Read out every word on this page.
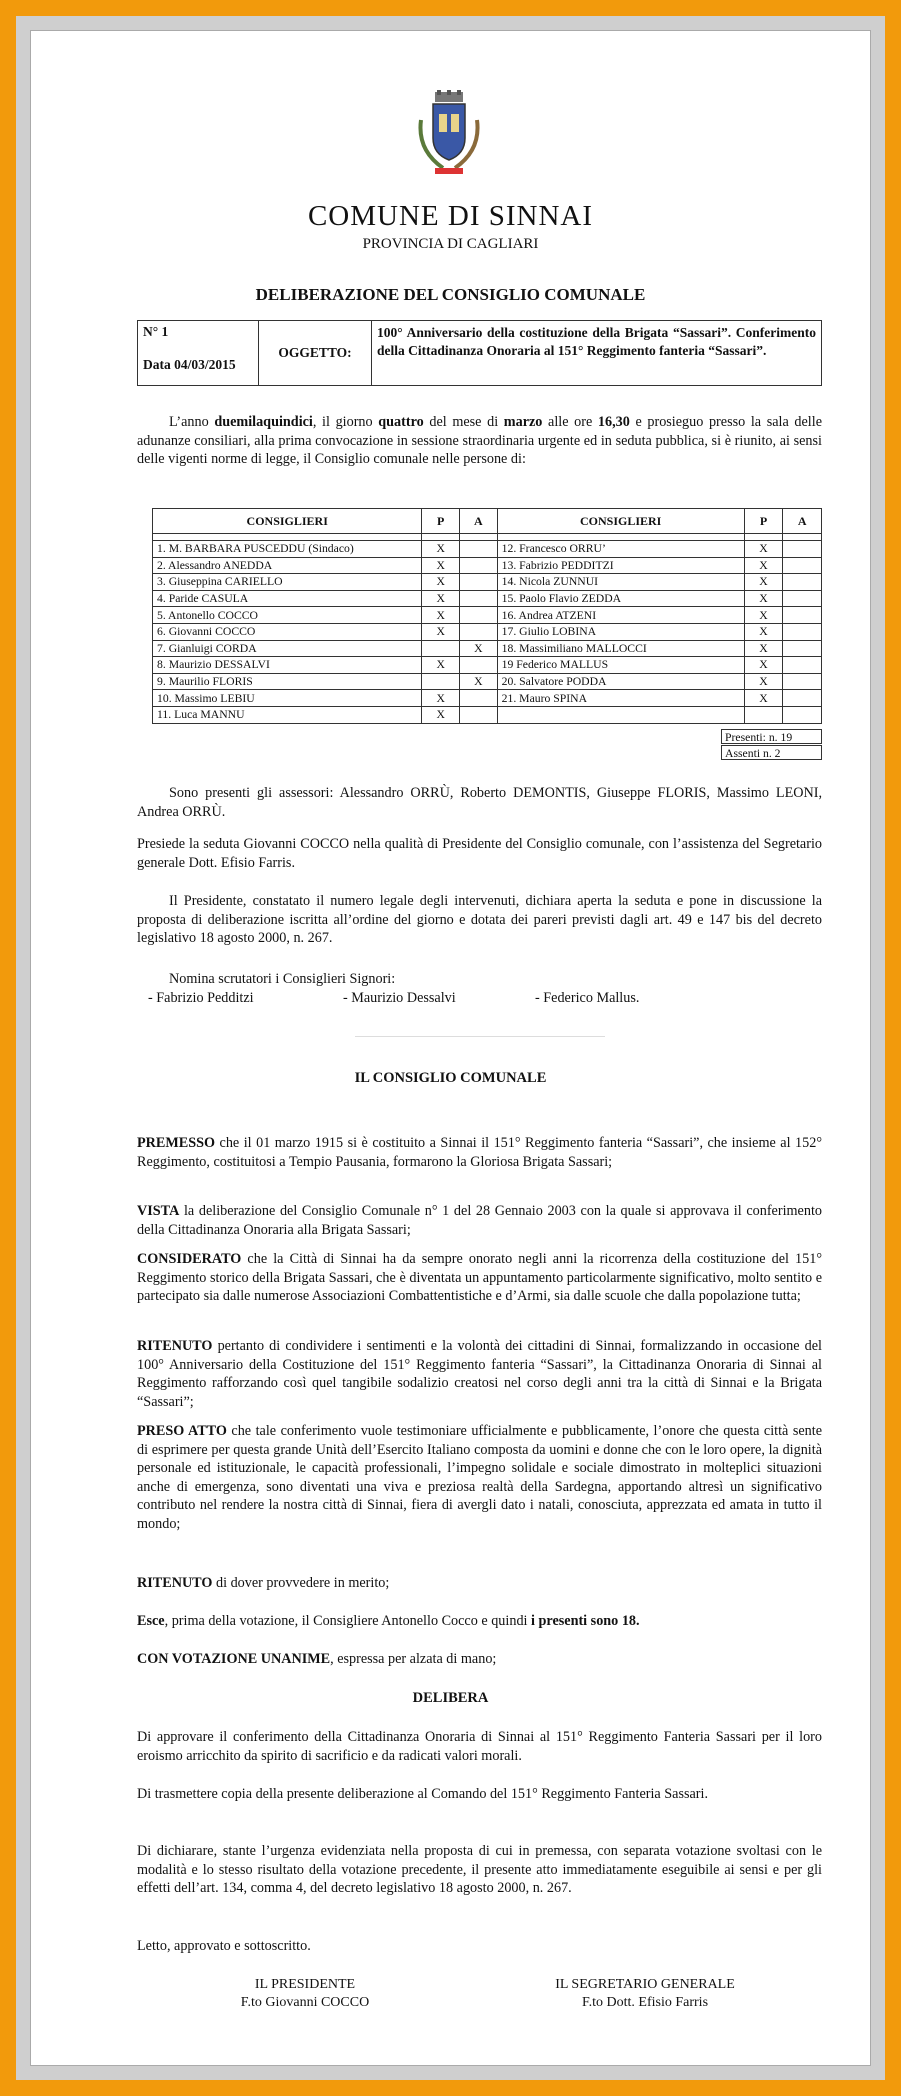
COMUNE DI SINNAI
PROVINCIA DI CAGLIARI
DELIBERAZIONE DEL CONSIGLIO COMUNALE
N° 1
Data 04/03/2015
	OGGETTO:	100° Anniversario della costituzione della Brigata “Sassari”. Conferimento della Cittadinanza Onoraria al 151° Reggimento fanteria “Sassari”.

L’anno duemilaquindici, il giorno quattro del mese di marzo alle ore 16,30 e prosieguo presso la sala delle adunanze consiliari, alla prima convocazione in sessione straordinaria urgente ed in seduta pubblica, si è riunito, ai sensi delle vigenti norme di legge, il Consiglio comunale nelle persone di:

CONSIGLIERI	P	A	CONSIGLIERI	P	A

1. M. BARBARA PUSCEDDU (Sindaco)	X		12. Francesco ORRU’	X	
2. Alessandro ANEDDA	X		13. Fabrizio PEDDITZI	X	
3. Giuseppina CARIELLO	X		14. Nicola ZUNNUI	X	
4. Paride CASULA	X		15. Paolo Flavio ZEDDA	X	
5. Antonello COCCO	X		16. Andrea ATZENI	X	
6. Giovanni COCCO	X		17. Giulio LOBINA	X	
7. Gianluigi CORDA		X	18. Massimiliano MALLOCCI	X	
8. Maurizio DESSALVI	X		19 Federico MALLUS	X	
9. Maurilio FLORIS		X	20. Salvatore PODDA	X	
10. Massimo LEBIU	X		21. Mauro SPINA	X	
11. Luca MANNU	X				
Presenti: n. 19
Assenti n. 2

Sono presenti gli assessori: Alessandro ORRÙ, Roberto DEMONTIS, Giuseppe FLORIS, Massimo LEONI, Andrea ORRÙ.

Presiede la seduta Giovanni COCCO nella qualità di Presidente del Consiglio comunale, con l’assistenza del Segretario generale Dott. Efisio Farris.

Il Presidente, constatato il numero legale degli intervenuti, dichiara aperta la seduta e pone in discussione la proposta di deliberazione iscritta all’ordine del giorno e dotata dei pareri previsti dagli art. 49 e 147 bis del decreto legislativo 18 agosto 2000, n. 267.

Nomina scrutatori i Consiglieri Signori:
- Fabrizio Pedditzi	- Maurizio Dessalvi	- Federico Mallus.
IL CONSIGLIO COMUNALE

PREMESSO che il 01 marzo 1915 si è costituito a Sinnai il 151° Reggimento fanteria “Sassari”, che insieme al 152° Reggimento, costituitosi a Tempio Pausania, formarono la Gloriosa Brigata Sassari;

VISTA la deliberazione del Consiglio Comunale n° 1 del 28 Gennaio 2003 con la quale si approvava il conferimento della Cittadinanza Onoraria alla Brigata Sassari;

CONSIDERATO che la Città di Sinnai ha da sempre onorato negli anni la ricorrenza della costituzione del 151° Reggimento storico della Brigata Sassari, che è diventata un appuntamento particolarmente significativo, molto sentito e partecipato sia dalle numerose Associazioni Combattentistiche e d’Armi, sia dalle scuole che dalla popolazione tutta;

RITENUTO pertanto di condividere i sentimenti e la volontà dei cittadini di Sinnai, formalizzando in occasione del 100° Anniversario della Costituzione del 151° Reggimento fanteria “Sassari”, la Cittadinanza Onoraria di Sinnai al Reggimento rafforzando così quel tangibile sodalizio creatosi nel corso degli anni tra la città di Sinnai e la Brigata “Sassari”;

PRESO ATTO che tale conferimento vuole testimoniare ufficialmente e pubblicamente, l’onore che questa città sente di esprimere per questa grande Unità dell’Esercito Italiano composta da uomini e donne che con le loro opere, la dignità personale ed istituzionale, le capacità professionali, l’impegno solidale e sociale dimostrato in molteplici situazioni anche di emergenza, sono diventati una viva e preziosa realtà della Sardegna, apportando altresì un significativo contributo nel rendere la nostra città di Sinnai, fiera di avergli dato i natali, conosciuta, apprezzata ed amata in tutto il mondo;

RITENUTO di dover provvedere in merito;

Esce, prima della votazione, il Consigliere Antonello Cocco e quindi i presenti sono 18.

CON VOTAZIONE UNANIME, espressa per alzata di mano;

DELIBERA

Di approvare il conferimento della Cittadinanza Onoraria di Sinnai al 151° Reggimento Fanteria Sassari per il loro eroismo arricchito da spirito di sacrificio e da radicati valori morali.

Di trasmettere copia della presente deliberazione al Comando del 151° Reggimento Fanteria Sassari.

Di dichiarare, stante l’urgenza evidenziata nella proposta di cui in premessa, con separata votazione svoltasi con le modalità e lo stesso risultato della votazione precedente, il presente atto immediatamente eseguibile ai sensi e per gli effetti dell’art. 134, comma 4, del decreto legislativo 18 agosto 2000, n. 267.

Letto, approvato e sottoscritto.

IL PRESIDENTE
F.to Giovanni COCCO
IL SEGRETARIO GENERALE
F.to Dott. Efisio Farris
